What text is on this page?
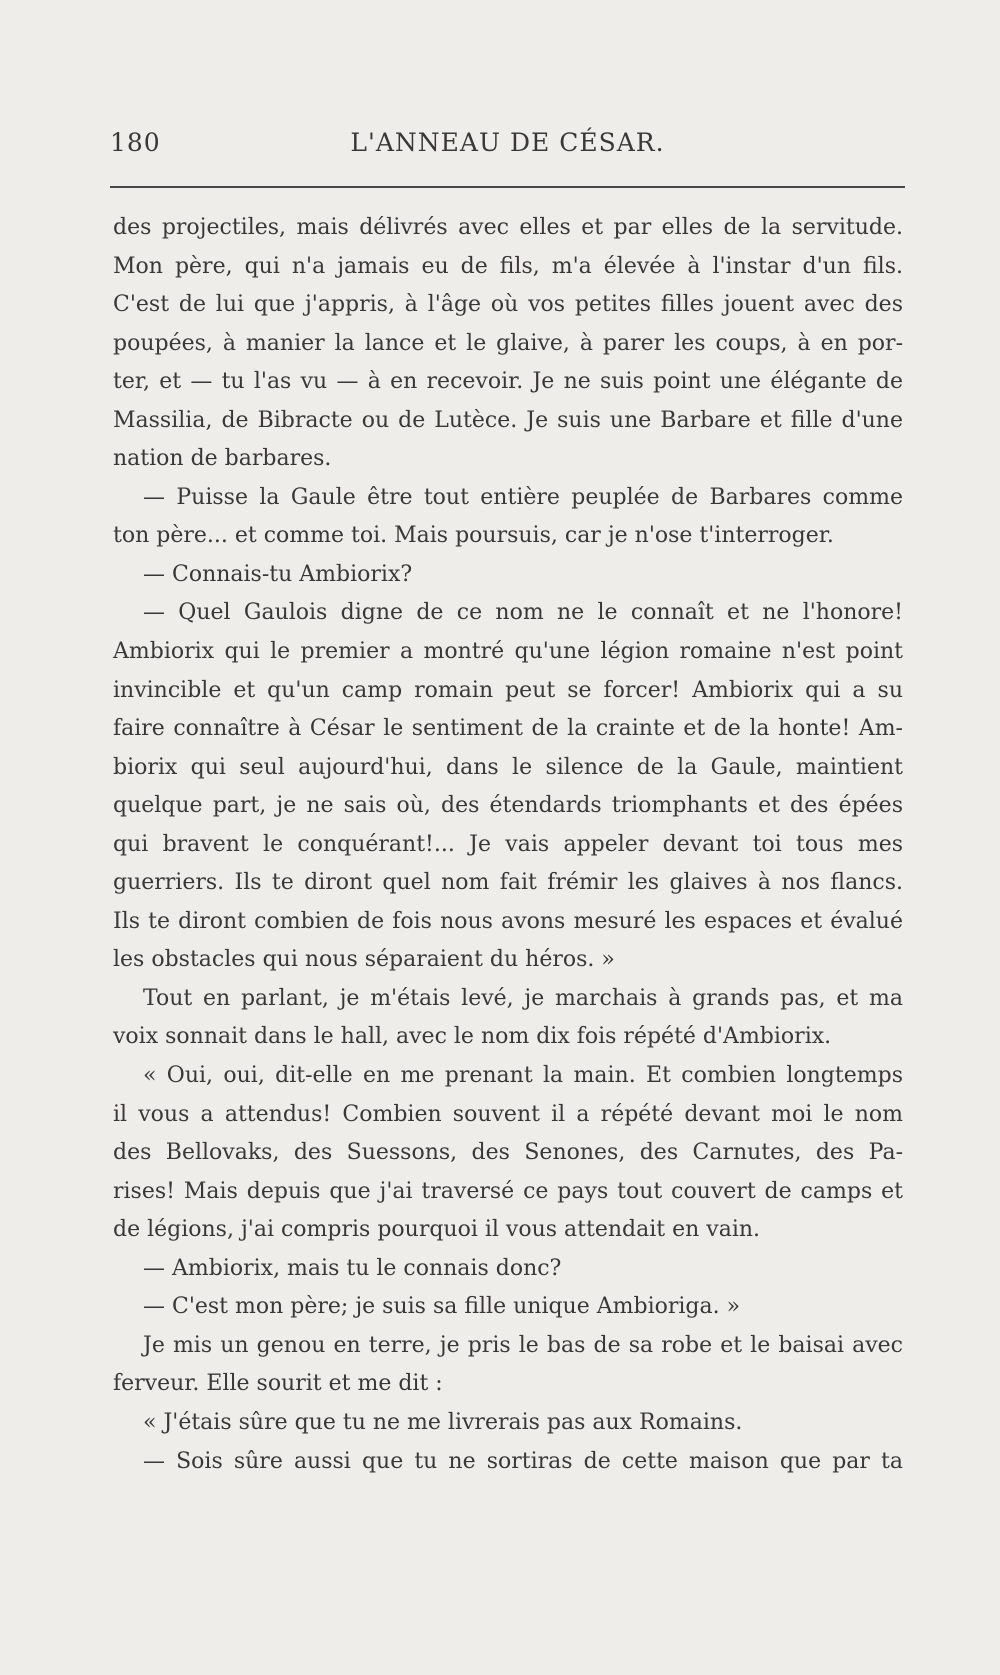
180	L'ANNEAU DE CÉSAR.
des projectiles, mais délivrés avec elles et par elles de la servitude.
Mon père, qui n'a jamais eu de fils, m'a élevée à l'instar d'un fils.
C'est de lui que j'appris, à l'âge où vos petites filles jouent avec des
poupées, à manier la lance et le glaive, à parer les coups, à en por-
ter, et — tu l'as vu — à en recevoir. Je ne suis point une élégante de
Massilia, de Bibracte ou de Lutèce. Je suis une Barbare et fille d'une
nation de barbares.
— Puisse la Gaule être tout entière peuplée de Barbares comme
ton père... et comme toi. Mais poursuis, car je n'ose t'interroger.
— Connais-tu Ambiorix?
— Quel Gaulois digne de ce nom ne le connaît et ne l'honore!
Ambiorix qui le premier a montré qu'une légion romaine n'est point
invincible et qu'un camp romain peut se forcer! Ambiorix qui a su
faire connaître à César le sentiment de la crainte et de la honte! Am-
biorix qui seul aujourd'hui, dans le silence de la Gaule, maintient
quelque part, je ne sais où, des étendards triomphants et des épées
qui bravent le conquérant!... Je vais appeler devant toi tous mes
guerriers. Ils te diront quel nom fait frémir les glaives à nos flancs.
Ils te diront combien de fois nous avons mesuré les espaces et évalué
les obstacles qui nous séparaient du héros. »
Tout en parlant, je m'étais levé, je marchais à grands pas, et ma
voix sonnait dans le hall, avec le nom dix fois répété d'Ambiorix.
« Oui, oui, dit-elle en me prenant la main. Et combien longtemps
il vous a attendus! Combien souvent il a répété devant moi le nom
des Bellovaks, des Suessons, des Senones, des Carnutes, des Pa-
rises! Mais depuis que j'ai traversé ce pays tout couvert de camps et
de légions, j'ai compris pourquoi il vous attendait en vain.
— Ambiorix, mais tu le connais donc?
— C'est mon père; je suis sa fille unique Ambioriga. »
Je mis un genou en terre, je pris le bas de sa robe et le baisai avec
ferveur. Elle sourit et me dit :
« J'étais sûre que tu ne me livrerais pas aux Romains.
— Sois sûre aussi que tu ne sortiras de cette maison que par ta
